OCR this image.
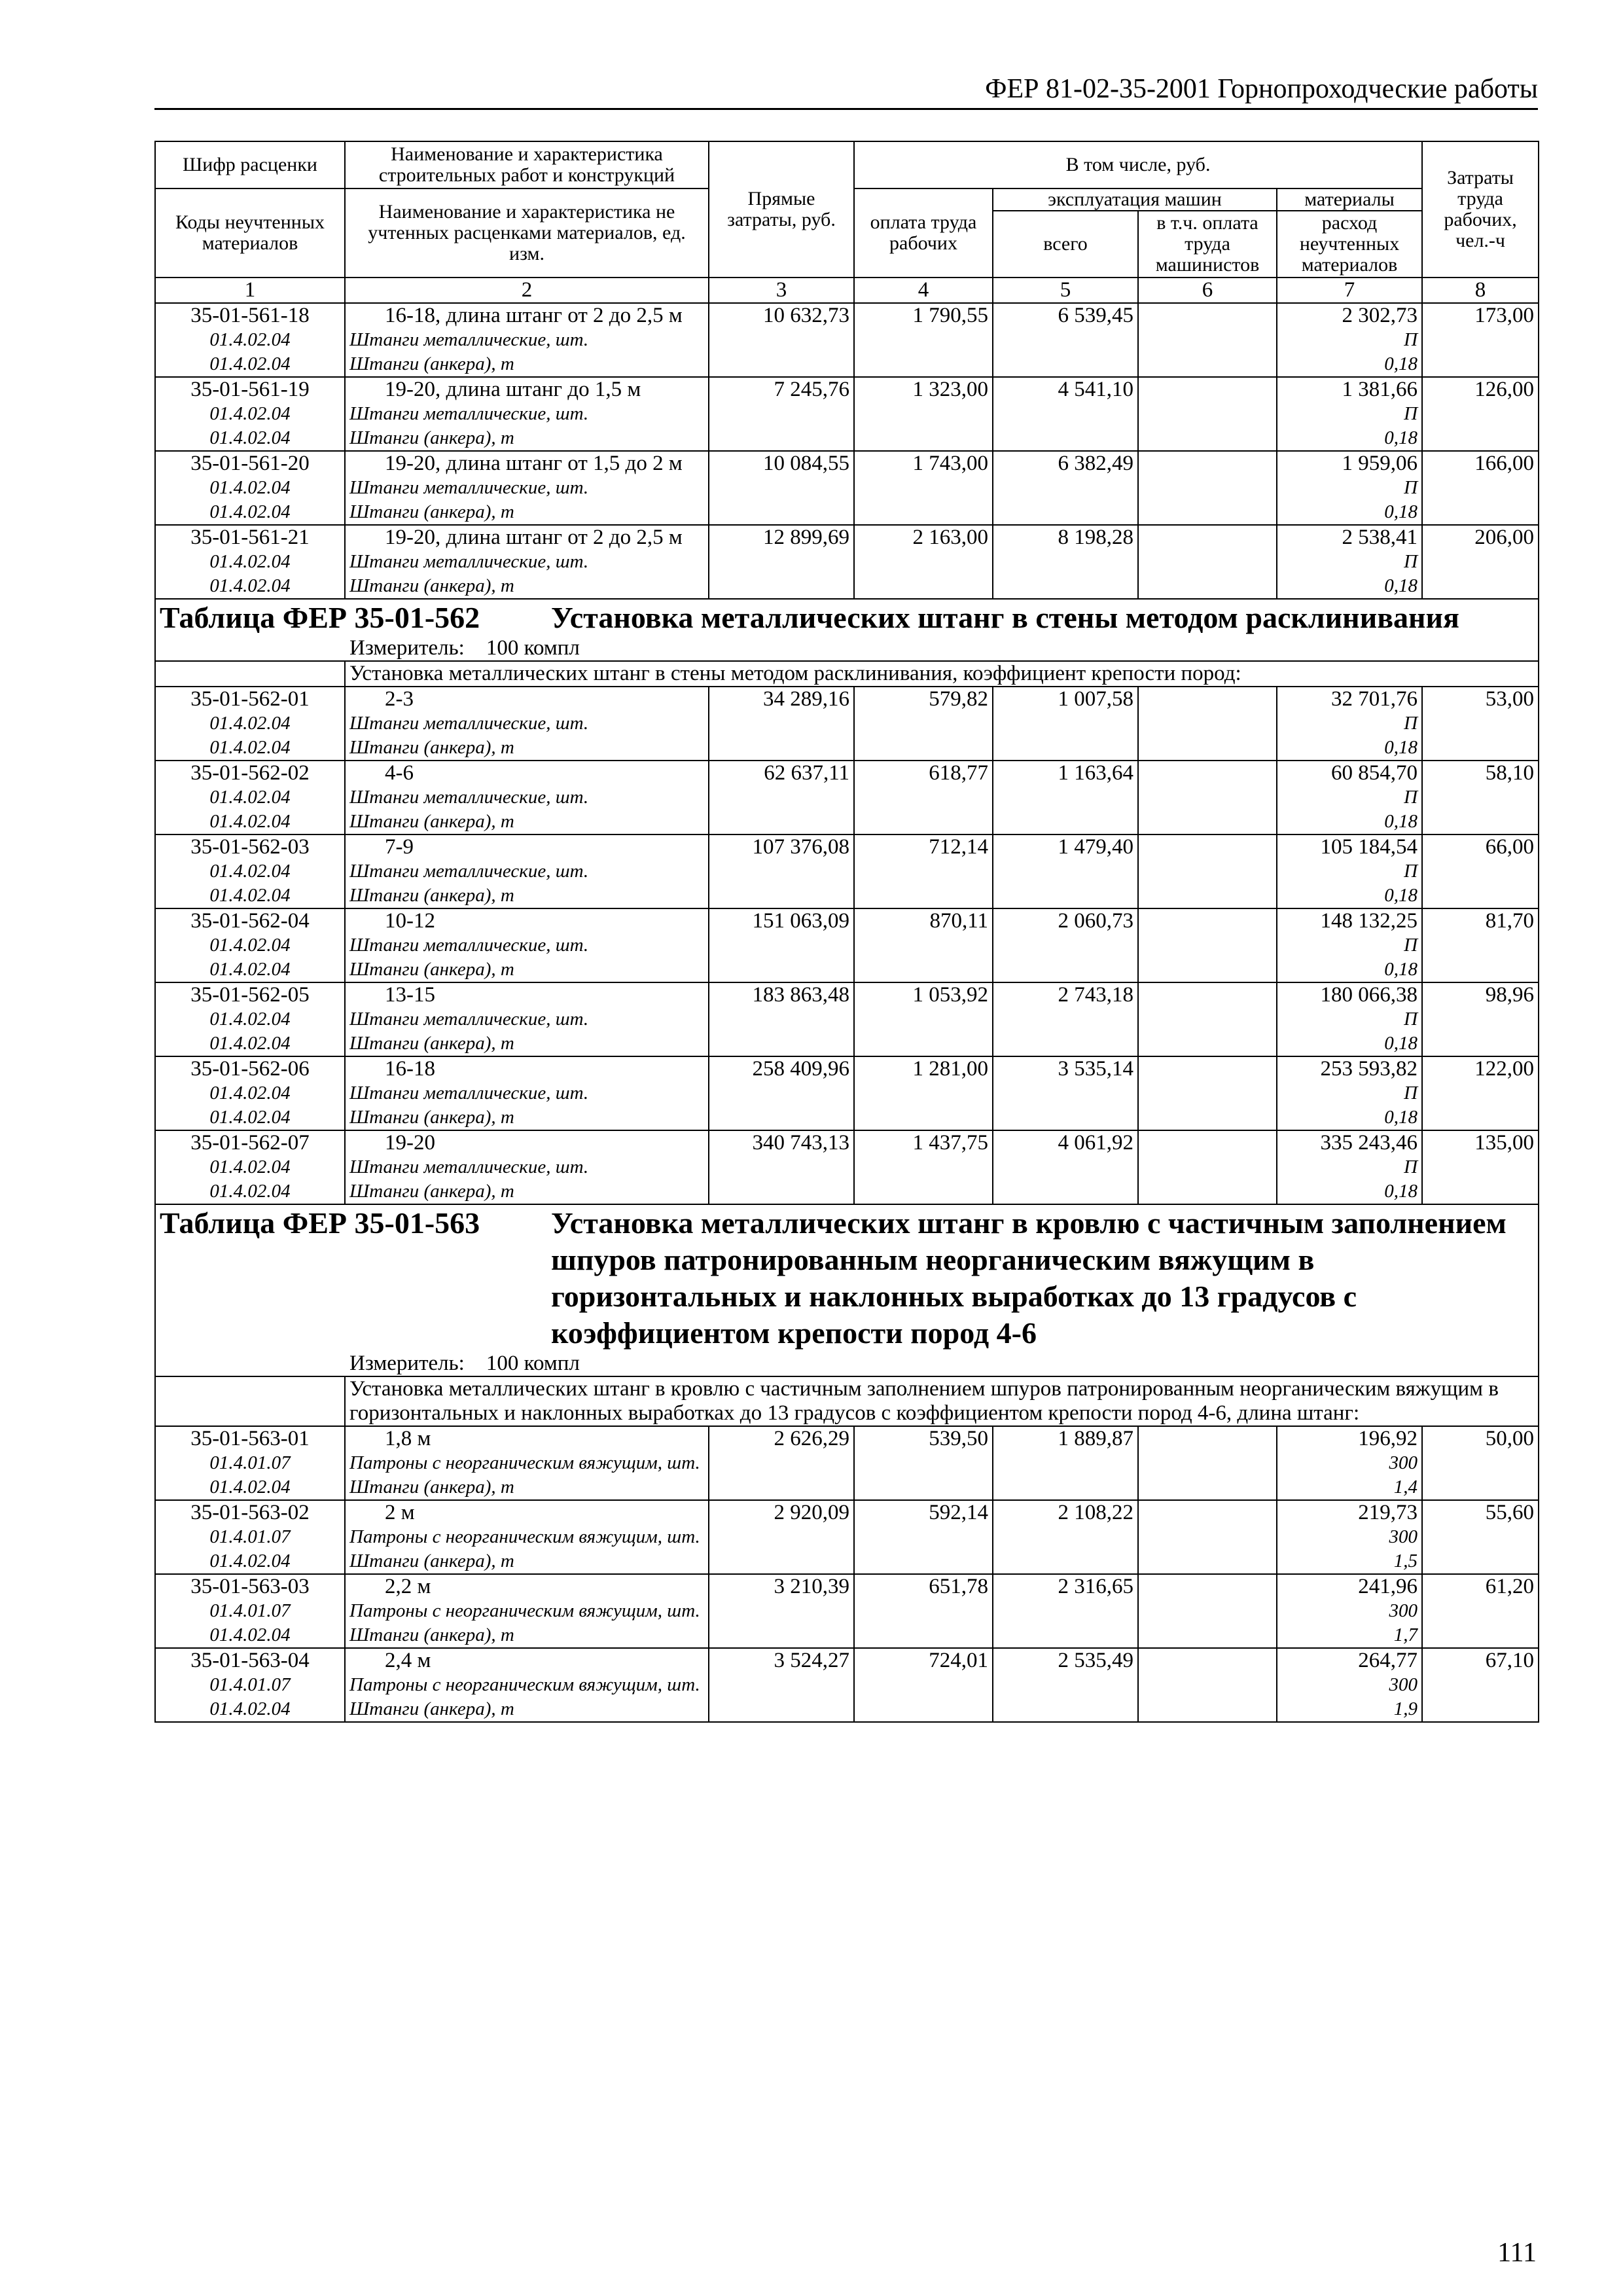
ФЕР 81-02-35-2001 Горнопроходческие работы
Шифр расценки	Наименование и характеристика строительных работ и конструкций	Прямые затраты, руб.	В том числе, руб.				Затраты труда рабочих, чел.-ч
Коды неучтенных материалов	Наименование и характеристика не учтенных расценками материалов, ед. изм.		оплата труда рабочих	эксплуатация машин		материалы	
				всего	в т.ч. оплата труда машинистов	расход неучтенных материалов	
1	2	3	4	5	6	7	8
35-01-561-18	16-18, длина штанг от 2 до 2,5 м	10 632,73	1 790,55	6 539,45		2 302,73	173,00
01.4.02.04	Штанги металлические, шт.					П	
01.4.02.04	Штанги (анкера), т					0,18	
35-01-561-19	19-20, длина штанг до 1,5 м	7 245,76	1 323,00	4 541,10		1 381,66	126,00
01.4.02.04	Штанги металлические, шт.					П	
01.4.02.04	Штанги (анкера), т					0,18	
35-01-561-20	19-20, длина штанг от 1,5 до 2 м	10 084,55	1 743,00	6 382,49		1 959,06	166,00
01.4.02.04	Штанги металлические, шт.					П	
01.4.02.04	Штанги (анкера), т					0,18	
35-01-561-21	19-20, длина штанг от 2 до 2,5 м	12 899,69	2 163,00	8 198,28		2 538,41	206,00
01.4.02.04	Штанги металлические, шт.					П	
01.4.02.04	Штанги (анкера), т					0,18	

Таблица ФЕР 35-01-562 Установка металлических штанг в стены методом расклинивания
Измеритель: 100 компл							

	Установка металлических штанг в стены методом расклинивания, коэффициент крепости пород:						
35-01-562-01	2-3	34 289,16	579,82	1 007,58		32 701,76	53,00
01.4.02.04	Штанги металлические, шт.					П	
01.4.02.04	Штанги (анкера), т					0,18	
35-01-562-02	4-6	62 637,11	618,77	1 163,64		60 854,70	58,10
01.4.02.04	Штанги металлические, шт.					П	
01.4.02.04	Штанги (анкера), т					0,18	
35-01-562-03	7-9	107 376,08	712,14	1 479,40		105 184,54	66,00
01.4.02.04	Штанги металлические, шт.					П	
01.4.02.04	Штанги (анкера), т					0,18	
35-01-562-04	10-12	151 063,09	870,11	2 060,73		148 132,25	81,70
01.4.02.04	Штанги металлические, шт.					П	
01.4.02.04	Штанги (анкера), т					0,18	
35-01-562-05	13-15	183 863,48	1 053,92	2 743,18		180 066,38	98,96
01.4.02.04	Штанги металлические, шт.					П	
01.4.02.04	Штанги (анкера), т					0,18	
35-01-562-06	16-18	258 409,96	1 281,00	3 535,14		253 593,82	122,00
01.4.02.04	Штанги металлические, шт.					П	
01.4.02.04	Штанги (анкера), т					0,18	
35-01-562-07	19-20	340 743,13	1 437,75	4 061,92		335 243,46	135,00
01.4.02.04	Штанги металлические, шт.					П	
01.4.02.04	Штанги (анкера), т					0,18	

Таблица ФЕР 35-01-563 Установка металлических штанг в кровлю с частичным заполнением шпуров патронированным неорганическим вяжущим в горизонтальных и наклонных выработках до 13 градусов с коэффициентом крепости пород 4-6
Измеритель: 100 компл							

	Установка металлических штанг в кровлю с частичным заполнением шпуров патронированным неорганическим вяжущим в горизонтальных и наклонных выработках до 13 градусов с коэффициентом крепости пород 4-6, длина штанг:						
35-01-563-01	1,8 м	2 626,29	539,50	1 889,87		196,92	50,00
01.4.01.07	Патроны с неорганическим вяжущим, шт.					300	
01.4.02.04	Штанги (анкера), т					1,4	
35-01-563-02	2 м	2 920,09	592,14	2 108,22		219,73	55,60
01.4.01.07	Патроны с неорганическим вяжущим, шт.					300	
01.4.02.04	Штанги (анкера), т					1,5	
35-01-563-03	2,2 м	3 210,39	651,78	2 316,65		241,96	61,20
01.4.01.07	Патроны с неорганическим вяжущим, шт.					300	
01.4.02.04	Штанги (анкера), т					1,7	
35-01-563-04	2,4 м	3 524,27	724,01	2 535,49		264,77	67,10
01.4.01.07	Патроны с неорганическим вяжущим, шт.					300	
01.4.02.04	Штанги (анкера), т					1,9	
111
